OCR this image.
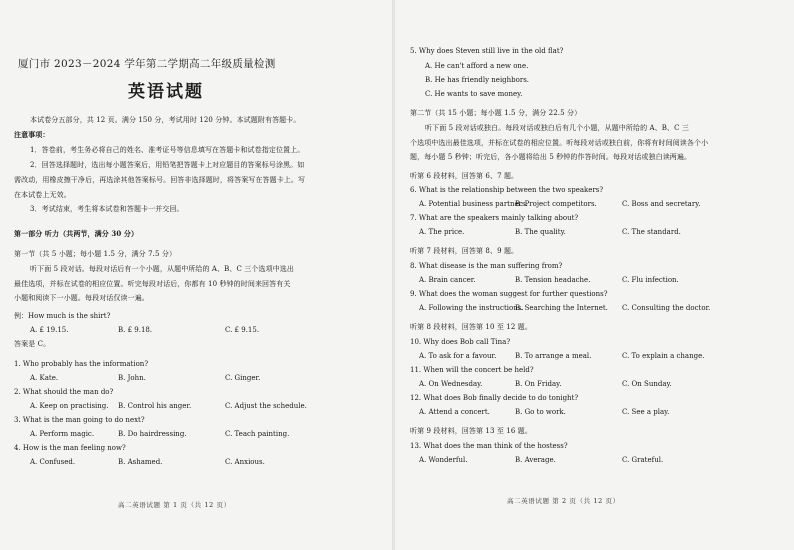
厦门市 2023－2024 学年第二学期高二年级质量检测
英语试题
本试卷分五部分，共 12 页。满分 150 分，考试用时 120 分钟。本试题附有答题卡。
注意事项：
1．答卷前，考生务必将自己的姓名、准考证号等信息填写在答题卡和试卷指定位置上。
2．回答选择题时，选出每小题答案后，用铅笔把答题卡上对应题目的答案标号涂黑。如
需改动，用橡皮擦干净后，再选涂其他答案标号。回答非选择题时，将答案写在答题卡上。写
在本试卷上无效。
3．考试结束，考生将本试卷和答题卡一并交回。
第一部分 听力（共两节，满分 30 分）
第一节（共 5 小题；每小题 1.5 分，满分 7.5 分）
听下面 5 段对话。每段对话后有一个小题，从题中所给的 A、B、C 三个选项中选出
最佳选项，并标在试卷的相应位置。听完每段对话后，你都有 10 秒钟的时间来回答有关
小题和阅读下一小题。每段对话仅读一遍。
例：How much is the shirt?
A. £ 19.15.	B. £ 9.18.	C. £ 9.15.
答案是 C。
1. Who probably has the information?
A. Kate.	B. John.	C. Ginger.
2. What should the man do?
A. Keep on practising. B. Control his anger.	C. Adjust the schedule.
3. What is the man going to do next?
A. Perform magic.	B. Do hairdressing.	C. Teach painting.
4. How is the man feeling now?
A. Confused.	B. Ashamed.	C. Anxious.
高二英语试题 第 1 页（共 12 页）
5. Why does Steven still live in the old flat?
A. He can't afford a new one.
B. He has friendly neighbors.
C. He wants to save money.
第二节（共 15 小题；每小题 1.5 分，满分 22.5 分）
听下面 5 段对话或独白。每段对话或独白后有几个小题，从题中所给的 A、B、C 三
个选项中选出最佳选项，并标在试卷的相应位置。听每段对话或独白前，你将有时间阅读各个小
题，每小题 5 秒钟；听完后，各小题将给出 5 秒钟的作答时间。每段对话或独白读两遍。
听第 6 段材料，回答第 6、7 题。
6. What is the relationship between the two speakers?
A. Potential business partners.
B. Project competitors.	C. Boss and secretary.
7. What are the speakers mainly talking about?
A. The price.	B. The quality.	C. The standard.
听第 7 段材料，回答第 8、9 题。
8. What disease is the man suffering from?
A. Brain cancer.	B. Tension headache.	C. Flu infection.
9. What does the woman suggest for further questions?
A. Following the instructions.
B. Searching the Internet. C. Consulting the doctor.
听第 8 段材料，回答第 10 至 12 题。
10. Why does Bob call Tina?
A. To ask for a favour.	B. To arrange a meal.	C. To explain a change.
11. When will the concert be held?
A. On Wednesday.	B. On Friday.	C. On Sunday.
12. What does Bob finally decide to do tonight?
A. Attend a concert.	B. Go to work.	C. See a play.
听第 9 段材料，回答第 13 至 16 题。
13. What does the man think of the hostess?
A. Wonderful.	B. Average.	C. Grateful.
高二英语试题 第 2 页（共 12 页）
